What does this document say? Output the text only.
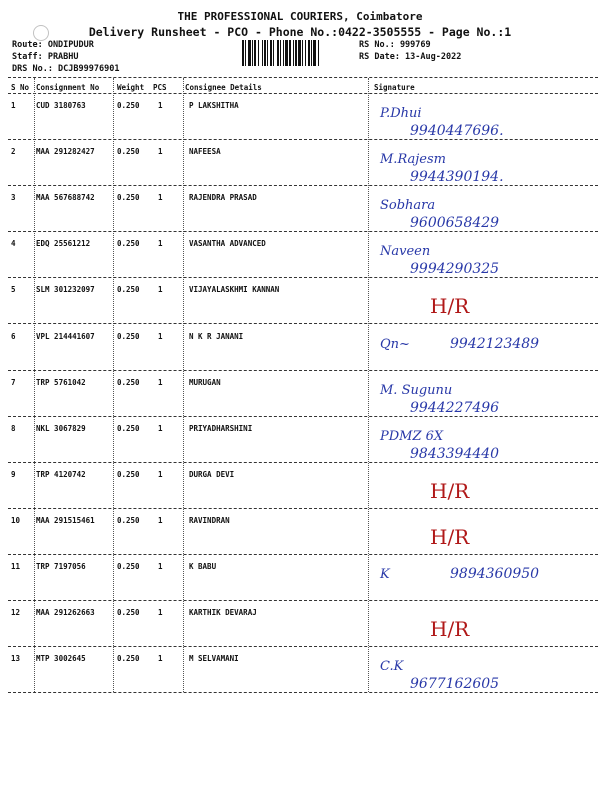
THE PROFESSIONAL COURIERS, Coimbatore
Delivery Runsheet - PCO - Phone No.:0422-3505555 - Page No.:1
Route: ONDIPUDUR
Staff: PRABHU
DRS No.: DCJB99976901
RS No.: 999769
RS Date: 13-Aug-2022
S No Consignment No Weight PCS Consignee Details	Signature
1	CUD 3180763	0.250 1	P LAKSHITHA
P.Dhui
9940447696.
2	MAA 291282427	0.250 1	NAFEESA
M.Rajesm
9944390194.
3	MAA 567688742	0.250 1	RAJENDRA PRASAD
Sobhara
9600658429
4	EDQ 25561212	0.250 1	VASANTHA ADVANCED
Naveen
9994290325
5	SLM 301232097	0.250 1	VIJAYALASKHMI KANNAN
H/R
6	VPL 214441607	0.250 1	N K R JANANI
Qn~	9942123489
7	TRP 5761042	0.250 1	MURUGAN
M. Sugunu
9944227496
8	NKL 3067829	0.250 1	PRIYADHARSHINI
PDMZ 6X
9843394440
9	TRP 4120742	0.250 1	DURGA DEVI
H/R
10 MAA 291515461	0.250 1	RAVINDRAN
H/R
11 TRP 7197056	0.250 1	K BABU
K	9894360950
12 MAA 291262663	0.250 1	KARTHIK DEVARAJ
H/R
13 MTP 3002645	0.250 1	M SELVAMANI
C.K
9677162605
